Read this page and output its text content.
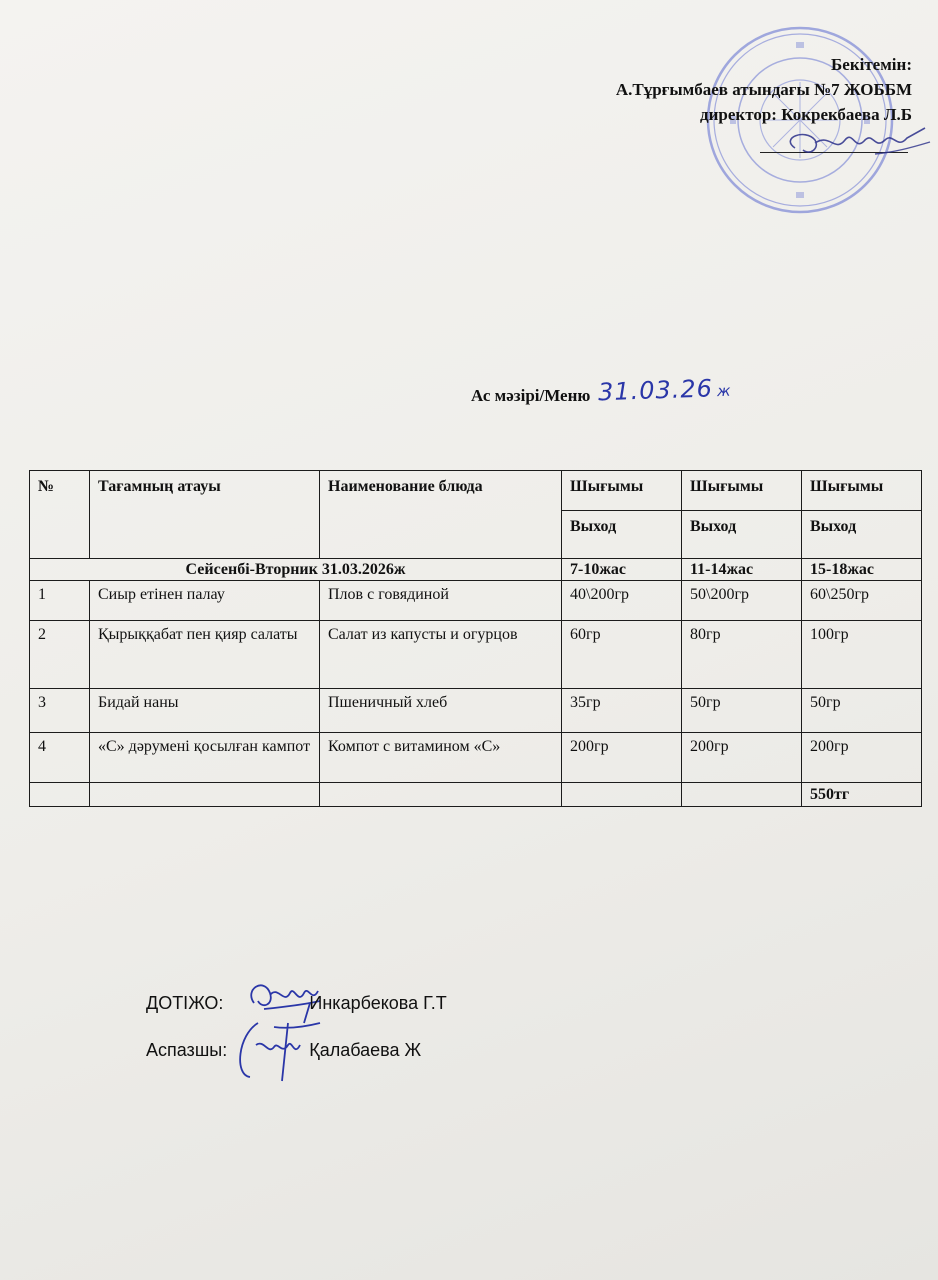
Бекітемін:
А.Тұрғымбаев атындағы №7 ЖОББМ
директор: Кокрекбаева Л.Б
Ас мәзірі/Меню 31.03.26 ж
№	Тағамның атауы	Наименование блюда	Шығымы	Шығымы	Шығымы
			Выход	Выход	Выход
Сейсенбі-Вторник 31.03.2026ж			7-10жас	11-14жас	15-18жас
1	Сиыр етінен палау	Плов с говядиной	40\200гр	50\200гр	60\250гр
2	Қырыққабат пен қияр салаты	Салат из капусты и огурцов	60гр	80гр	100гр
3	Бидай наны	Пшеничный хлеб	35гр	50гр	50гр
4	«С» дәрумені қосылған кампот	Компот с витамином «С»	200гр	200гр	200гр
					550тг
ДОТІЖО:	Инкарбекова Г.Т
Аспазшы:	Қалабаева Ж
